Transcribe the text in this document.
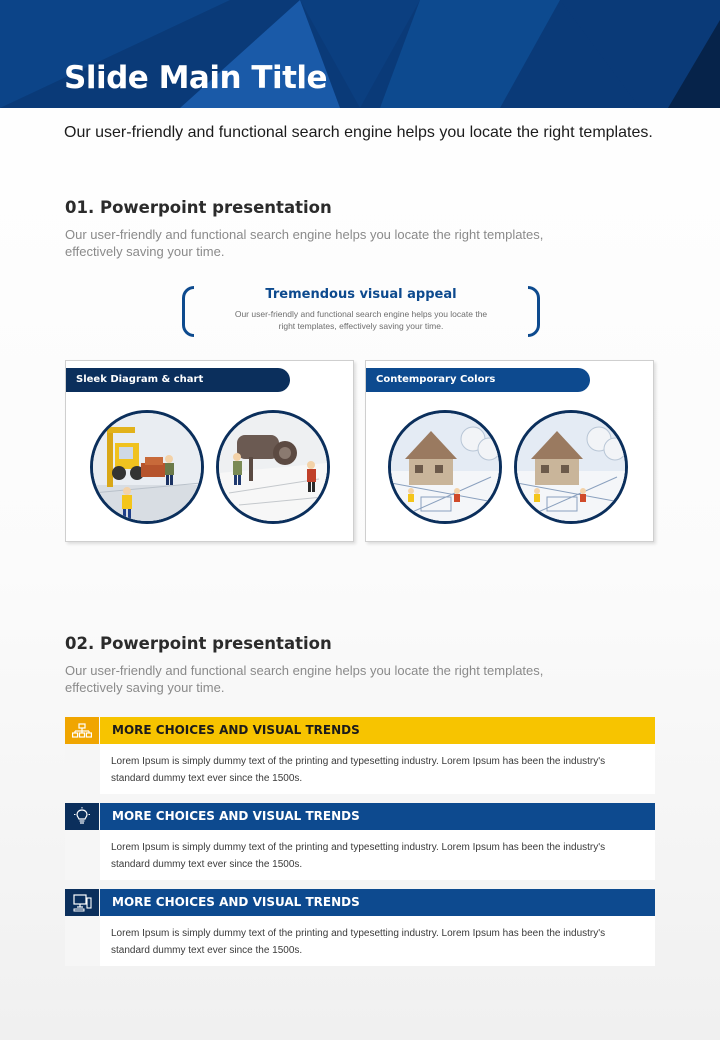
Slide Main Title
Our user-friendly and functional search engine helps you locate the right templates.
01. Powerpoint presentation
Our user-friendly and functional search engine helps you locate the right templates, effectively saving your time.
Tremendous visual appeal
Our user-friendly and functional search engine helps you locate the right templates, effectively saving your time.
Sleek Diagram & chart	Contemporary Colors
02. Powerpoint presentation
Our user-friendly and functional search engine helps you locate the right templates, effectively saving your time.
MORE CHOICES AND VISUAL TRENDS
Lorem Ipsum is simply dummy text of the printing and typesetting industry. Lorem Ipsum has been the industry's standard dummy text ever since the 1500s.
MORE CHOICES AND VISUAL TRENDS
Lorem Ipsum is simply dummy text of the printing and typesetting industry. Lorem Ipsum has been the industry's standard dummy text ever since the 1500s.
MORE CHOICES AND VISUAL TRENDS
Lorem Ipsum is simply dummy text of the printing and typesetting industry. Lorem Ipsum has been the industry's standard dummy text ever since the 1500s.
